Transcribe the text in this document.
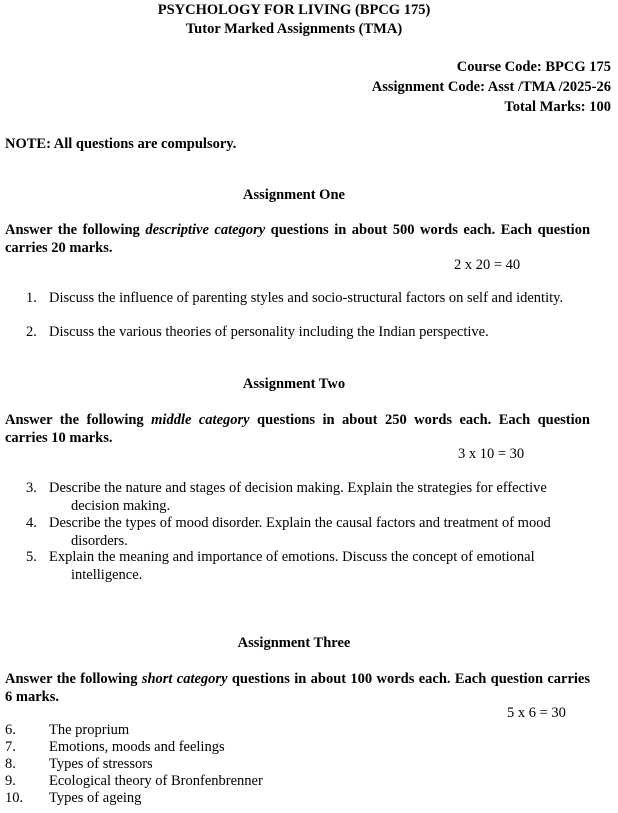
PSYCHOLOGY FOR LIVING (BPCG 175)
Tutor Marked Assignments (TMA)
Course Code: BPCG 175
Assignment Code: Asst /TMA /2025-26
Total Marks: 100
NOTE: All questions are compulsory.
Assignment One
Answer the following descriptive category questions in about 500 words each. Each question carries 20 marks.
2 x 20 = 40
1. Discuss the influence of parenting styles and socio-structural factors on self and identity.
2. Discuss the various theories of personality including the Indian perspective.
Assignment Two
Answer the following middle category questions in about 250 words each. Each question carries 10 marks.
3 x 10 = 30
3. Describe the nature and stages of decision making. Explain the strategies for effective
decision making.
4. Describe the types of mood disorder. Explain the causal factors and treatment of mood
disorders.
5. Explain the meaning and importance of emotions. Discuss the concept of emotional
intelligence.
Assignment Three
Answer the following short category questions in about 100 words each. Each question carries 6 marks.
5 x 6 = 30
6. The proprium
7. Emotions, moods and feelings
8. Types of stressors
9. Ecological theory of Bronfenbrenner
10. Types of ageing
